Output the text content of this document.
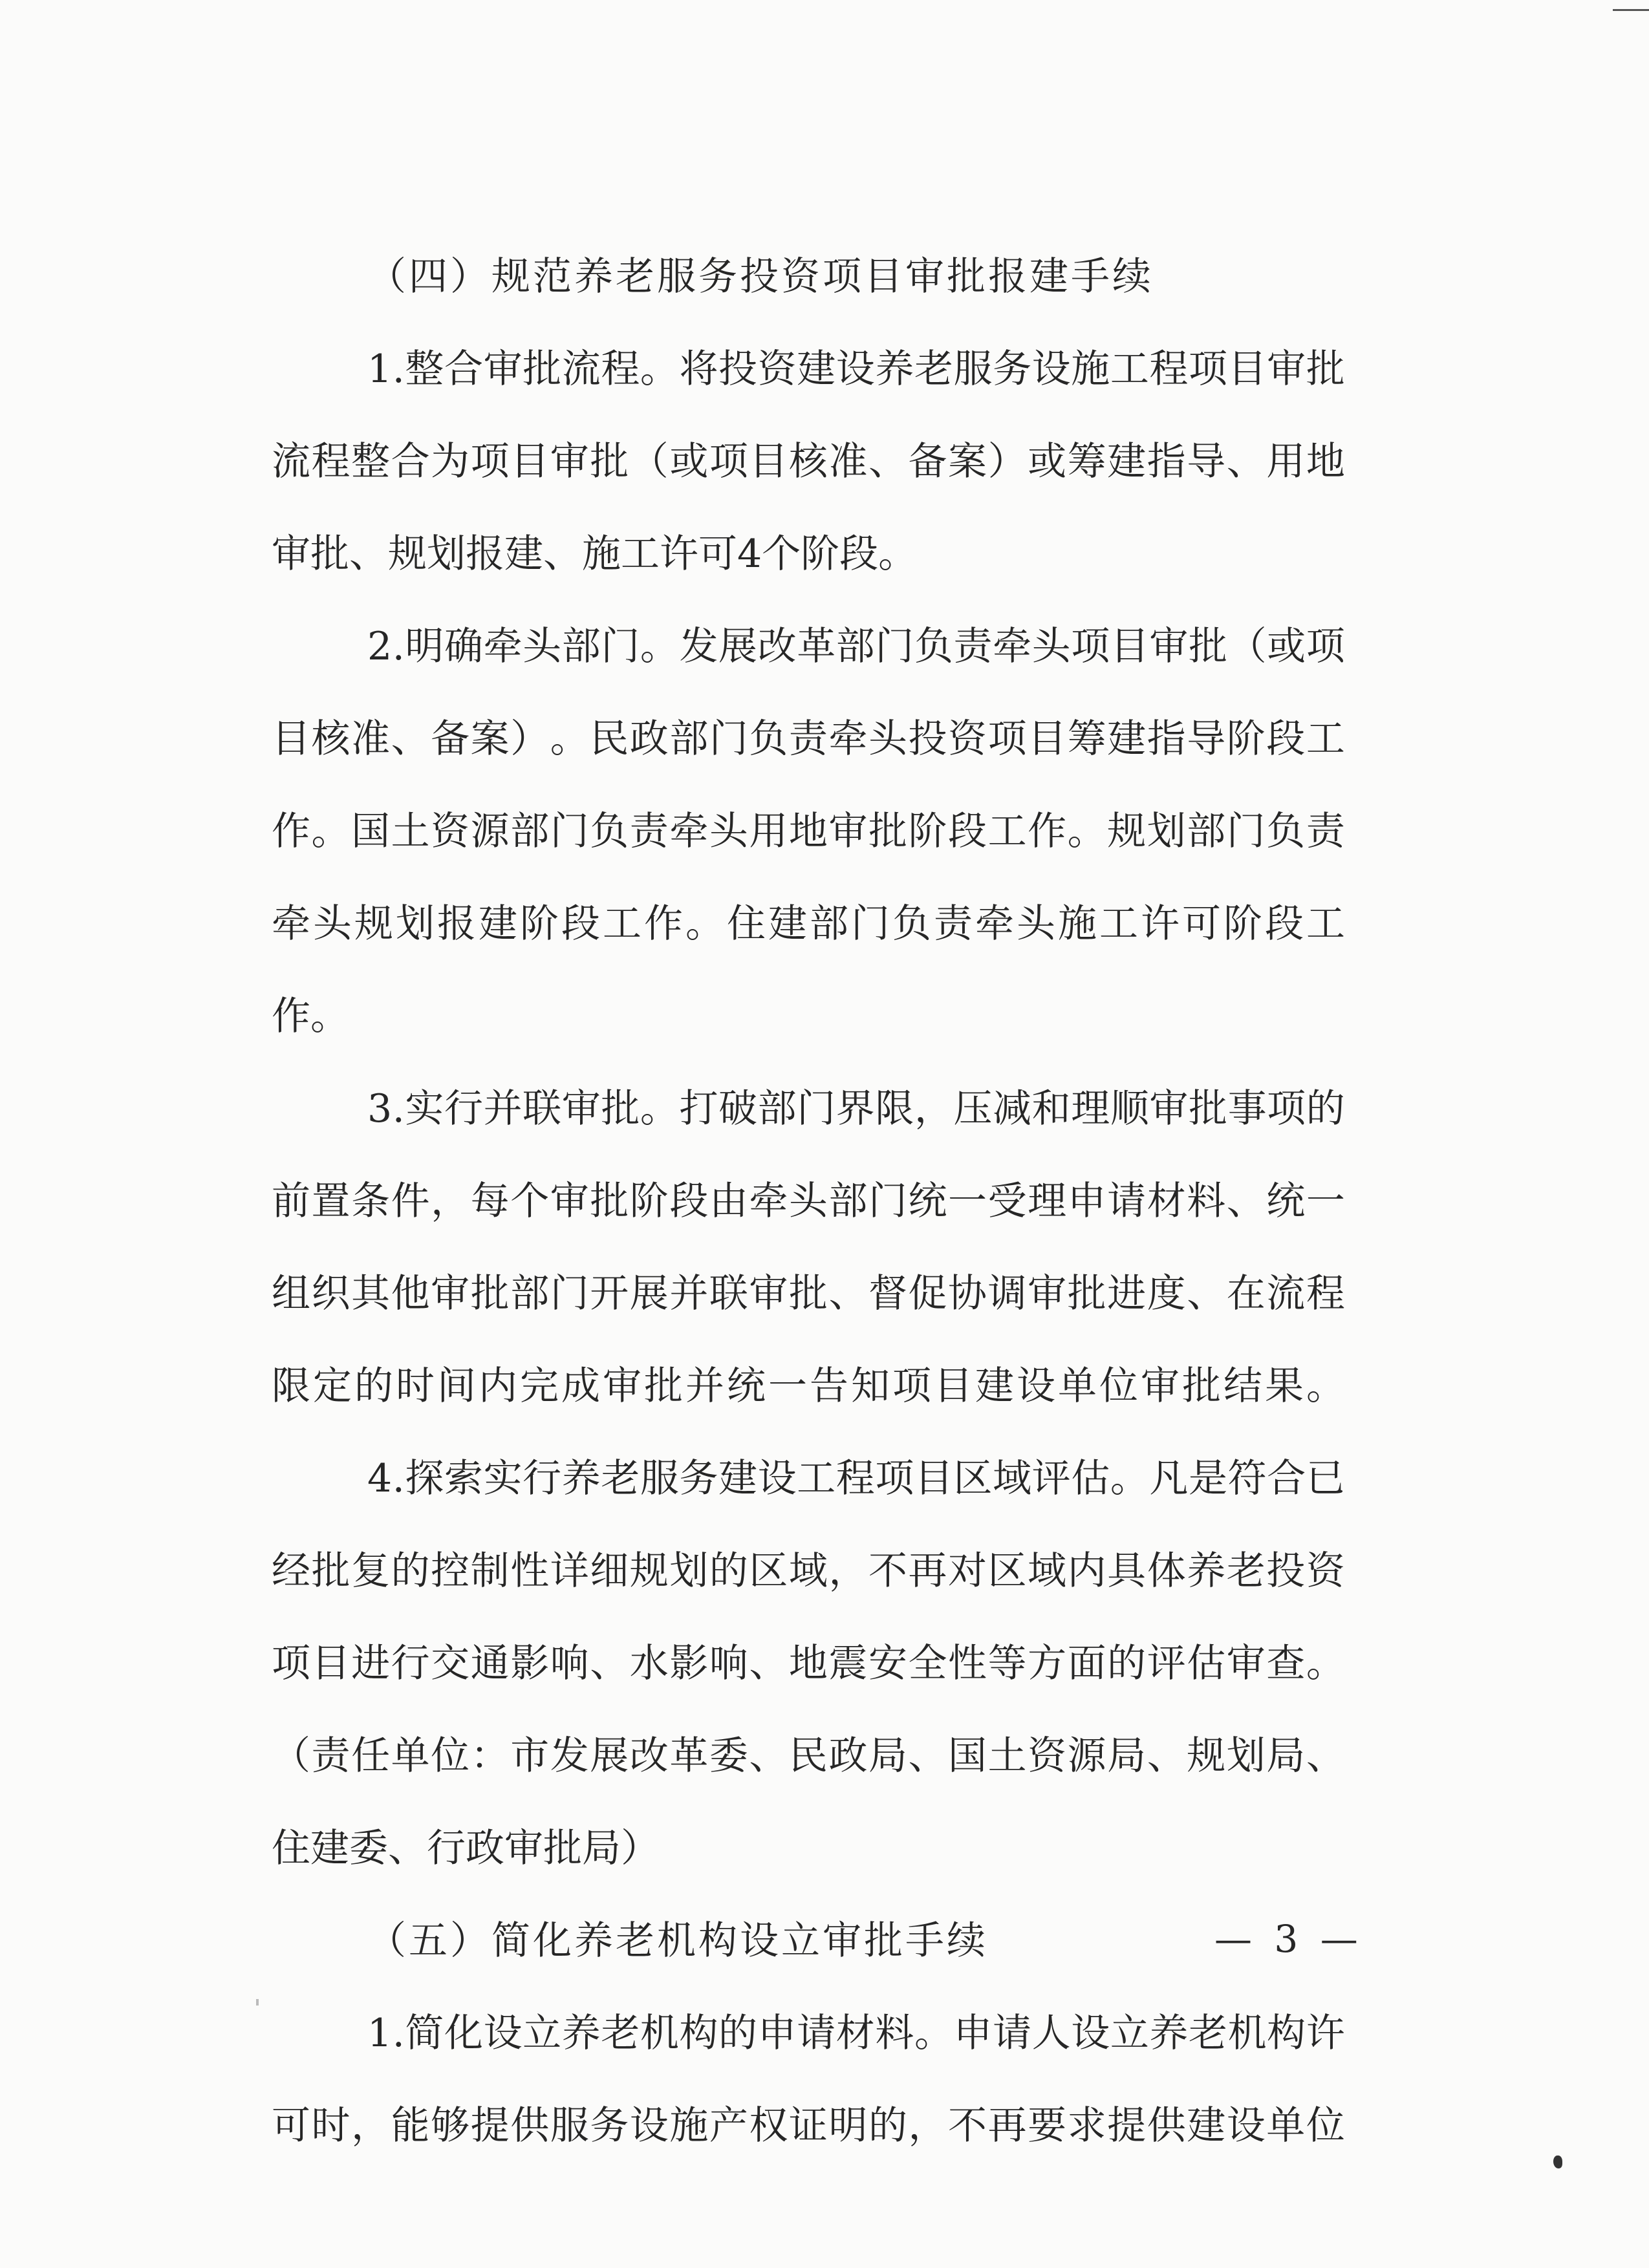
（四）规范养老服务投资项目审批报建手续
1 . 整 合 审 批 流 程 。 将 投 资 建 设 养 老 服 务 设 施 工 程 项 目 审 批
流 程 整 合 为 项 目 审 批 （ 或 项 目 核 准 、 备 案 ） 或 筹 建 指 导 、 用 地
审批、规划报建、施工许可4个阶段。
2 . 明 确 牵 头 部 门 。 发 展 改 革 部 门 负 责 牵 头 项 目 审 批 （ 或 项
目 核 准 、 备 案 ） 。 民 政 部 门 负 责 牵 头 投 资 项 目 筹 建 指 导 阶 段 工
作 。 国 土 资 源 部 门 负 责 牵 头 用 地 审 批 阶 段 工 作 。 规 划 部 门 负 责
牵 头 规 划 报 建 阶 段 工 作 。 住 建 部 门 负 责 牵 头 施 工 许 可 阶 段 工
作。
3 . 实 行 并 联 审 批 。 打 破 部 门 界 限 ， 压 减 和 理 顺 审 批 事 项 的
前 置 条 件 ， 每 个 审 批 阶 段 由 牵 头 部 门 统 一 受 理 申 请 材 料 、 统 一
组 织 其 他 审 批 部 门 开 展 并 联 审 批 、 督 促 协 调 审 批 进 度 、 在 流 程
限 定 的 时 间 内 完 成 审 批 并 统 一 告 知 项 目 建 设 单 位 审 批 结 果 。
4 . 探 索 实 行 养 老 服 务 建 设 工 程 项 目 区 域 评 估 。 凡 是 符 合 已
经 批 复 的 控 制 性 详 细 规 划 的 区 域 ， 不 再 对 区 域 内 具 体 养 老 投 资
项 目 进 行 交 通 影 响 、 水 影 响 、 地 震 安 全 性 等 方 面 的 评 估 审 查 。
（ 责 任 单 位 ： 市 发 展 改 革 委 、 民 政 局 、 国 土 资 源 局 、 规 划 局 、
住建委、行政审批局）
（五）简化养老机构设立审批手续
1 . 简 化 设 立 养 老 机 构 的 申 请 材 料 。 申 请 人 设 立 养 老 机 构 许
可 时 ， 能 够 提 供 服 务 设 施 产 权 证 明 的 ， 不 再 要 求 提 供 建 设 单 位
— 3 —
